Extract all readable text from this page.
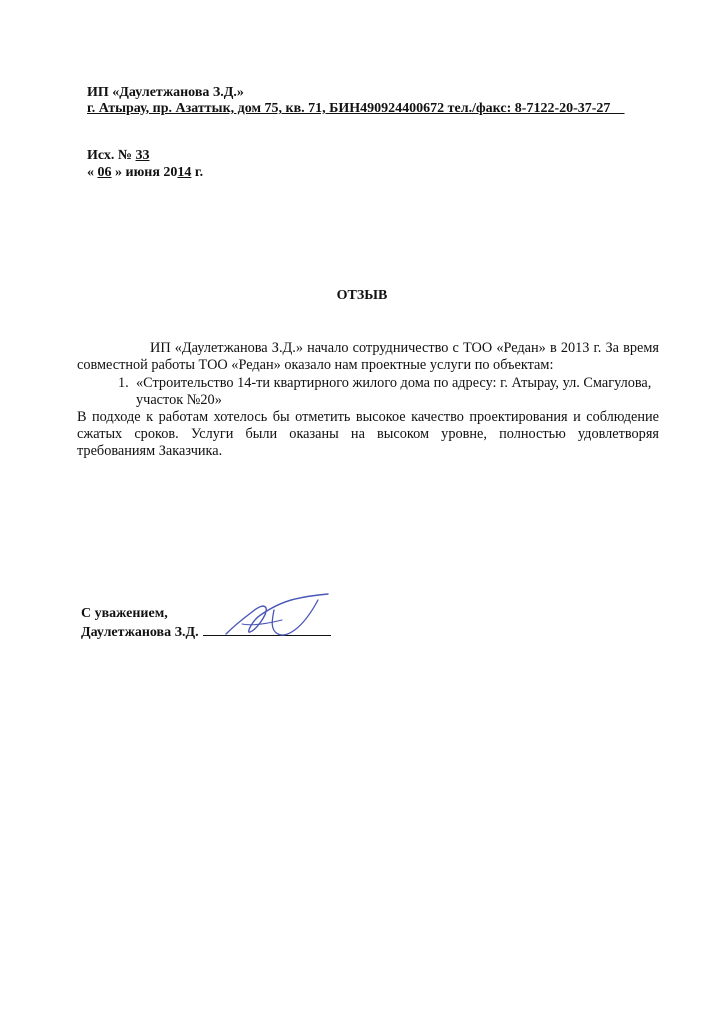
ИП «Даулетжанова З.Д.»
г. Атырау, пр. Азаттык, дом 75, кв. 71, БИН490924400672 тел./факс: 8-7122-20-37-27__
Исх. № 33
« 06 » июня 2014 г.
ОТЗЫВ
ИП «Даулетжанова З.Д.» начало сотрудничество с ТОО «Редан» в 2013 г. За время совместной работы ТОО «Редан» оказало нам проектные услуги по объектам:
1. «Строительство 14-ти квартирного жилого дома по адресу: г. Атырау, ул. Смагулова,
участок №20»
В подходе к работам хотелось бы отметить высокое качество проектирования и соблюдение сжатых сроков. Услуги были оказаны на высоком уровне, полностью удовлетворяя требованиям Заказчика.
С уважением,
Даулетжанова З.Д.
